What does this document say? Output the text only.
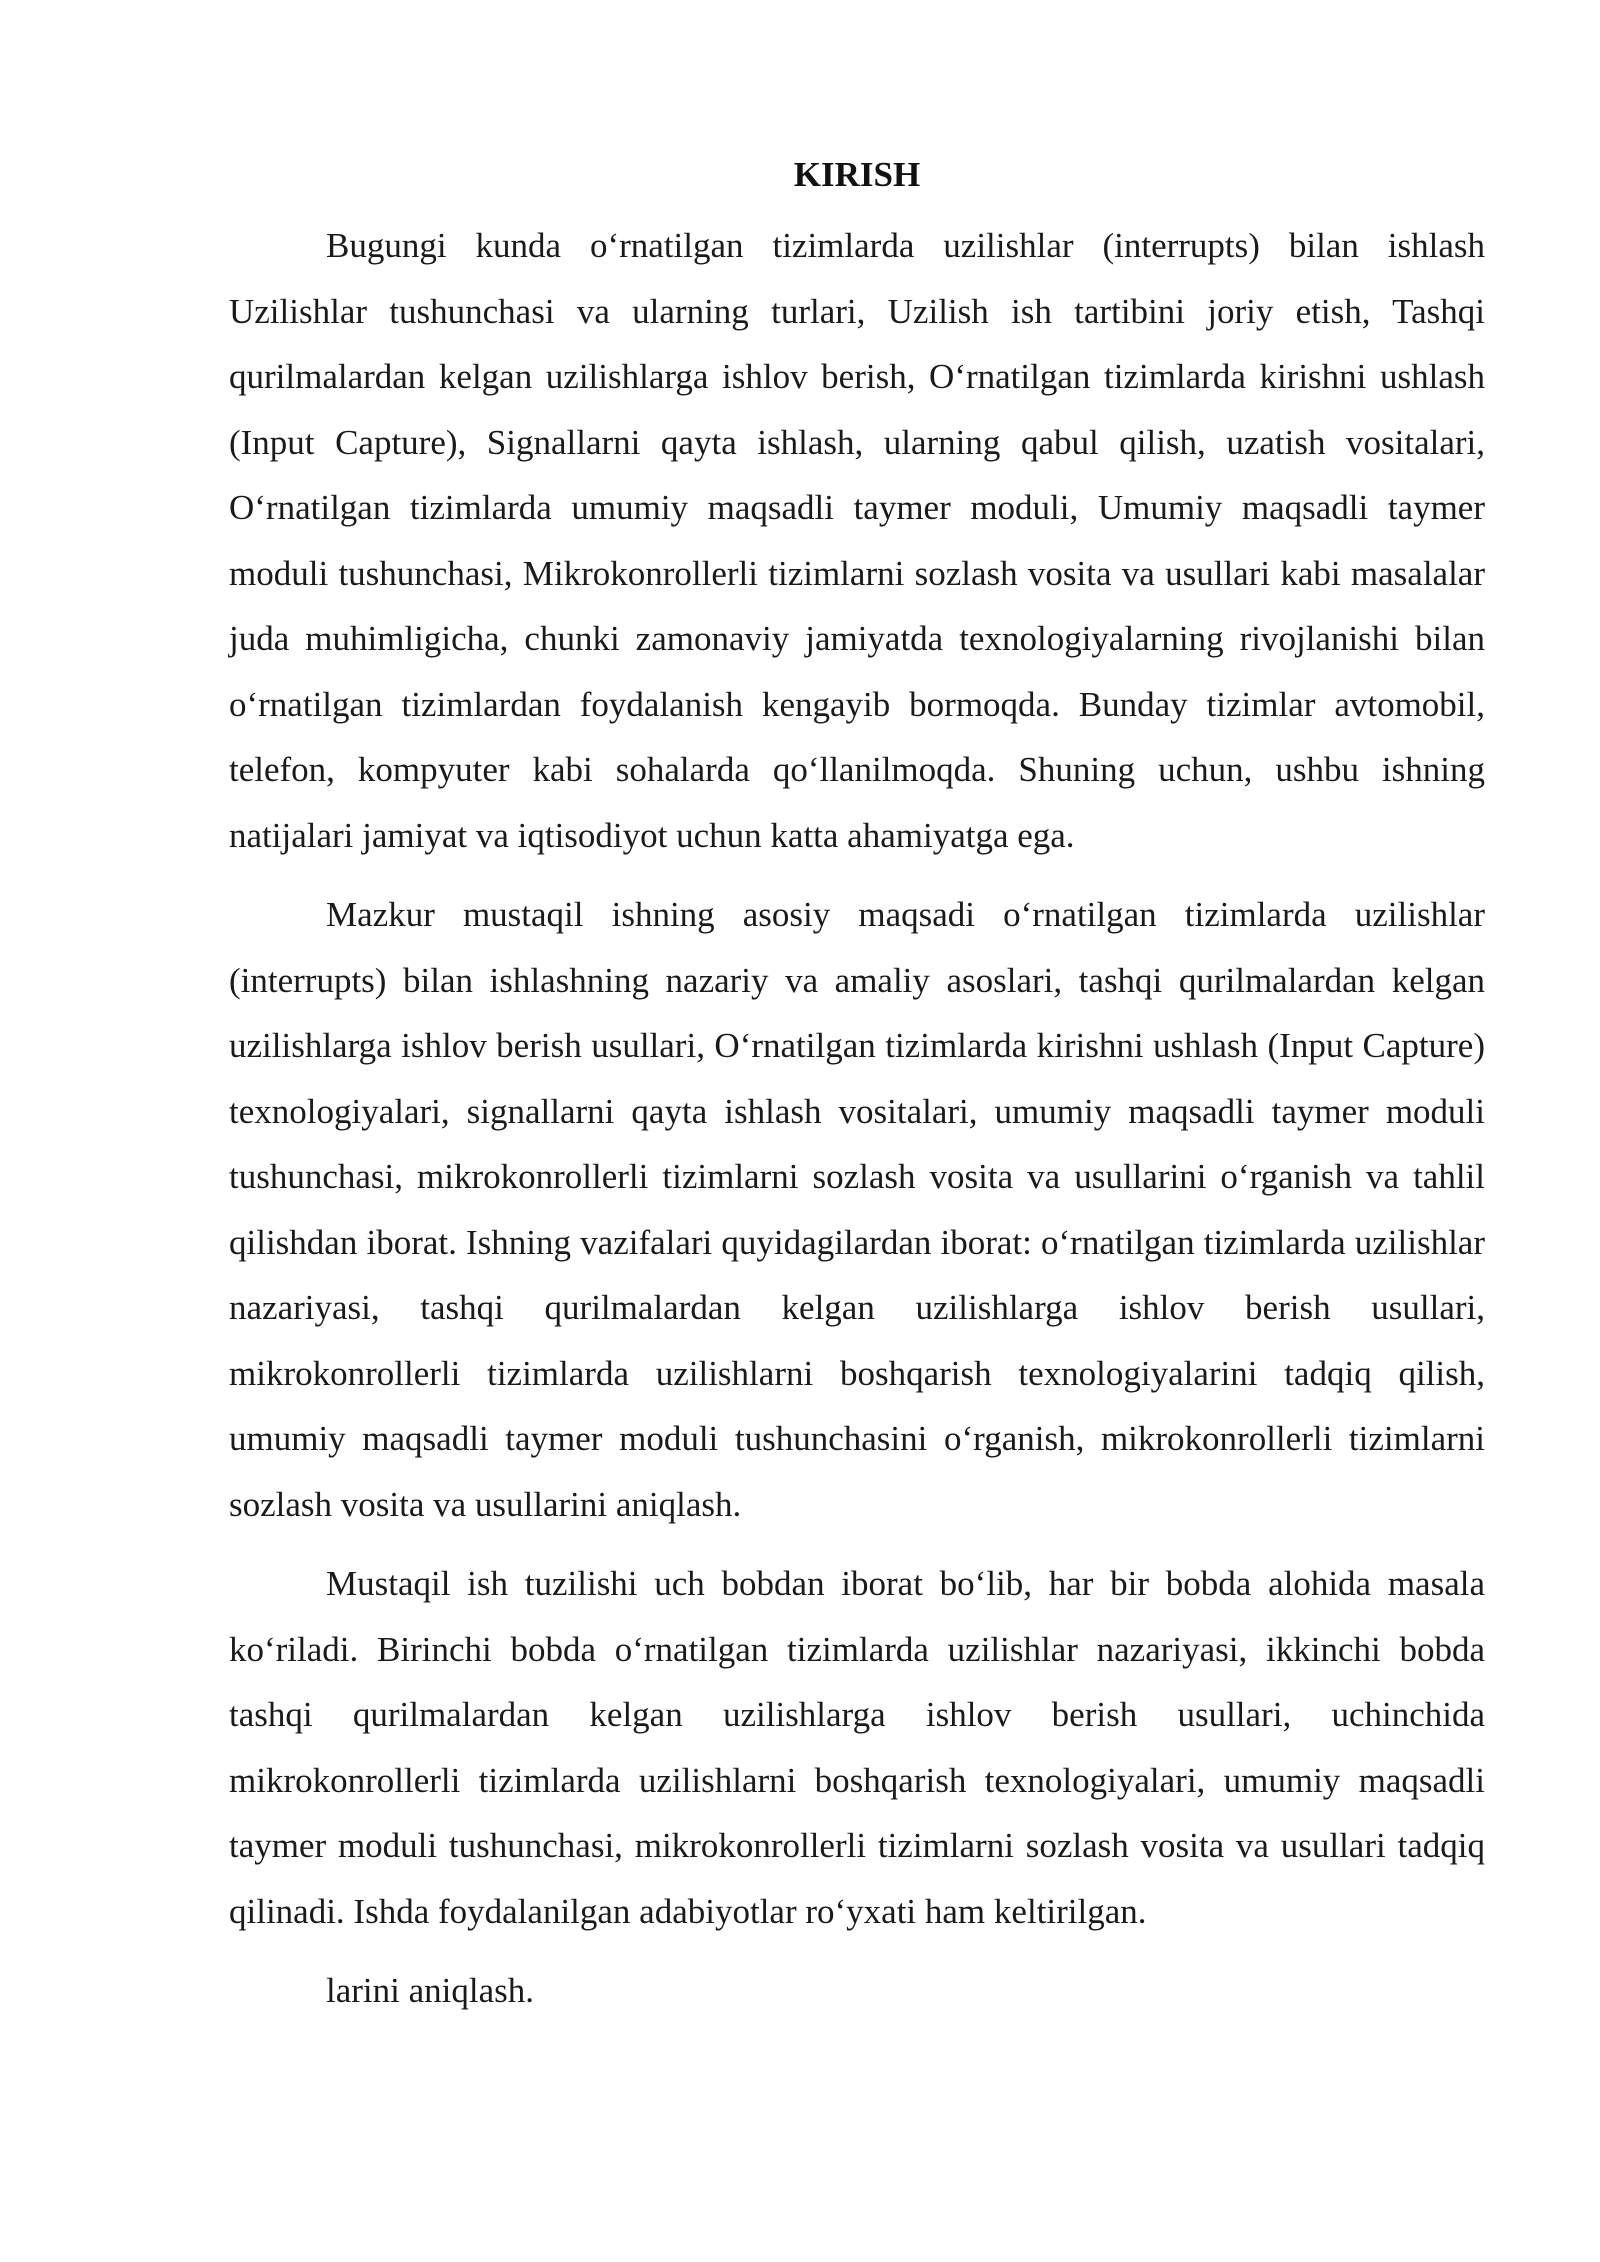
KIRISH

Bugungi kunda o‘rnatilgan tizimlarda uzilishlar (interrupts) bilan ishlash Uzilishlar tushunchasi va ularning turlari, Uzilish ish tartibini joriy etish, Tashqi qurilmalardan kelgan uzilishlarga ishlov berish, O‘rnatilgan tizimlarda kirishni ushlash (Input Capture), Signallarni qayta ishlash, ularning qabul qilish, uzatish vositalari, O‘rnatilgan tizimlarda umumiy maqsadli taymer moduli, Umumiy maqsadli taymer moduli tushunchasi, Mikrokonrollerli tizimlarni sozlash vosita va usullari kabi masalalar juda muhimligicha, chunki zamonaviy jamiyatda texnologiyalarning rivojlanishi bilan o‘rnatilgan tizimlardan foydalanish kengayib bormoqda. Bunday tizimlar avtomobil, telefon, kompyuter kabi sohalarda qo‘llanilmoqda. Shuning uchun, ushbu ishning natijalari jamiyat va iqtisodiyot uchun katta ahamiyatga ega.

Mazkur mustaqil ishning asosiy maqsadi o‘rnatilgan tizimlarda uzilishlar (interrupts) bilan ishlashning nazariy va amaliy asoslari, tashqi qurilmalardan kelgan uzilishlarga ishlov berish usullari, O‘rnatilgan tizimlarda kirishni ushlash (Input Capture) texnologiyalari, signallarni qayta ishlash vositalari, umumiy maqsadli taymer moduli tushunchasi, mikrokonrollerli tizimlarni sozlash vosita va usullarini o‘rganish va tahlil qilishdan iborat. Ishning vazifalari quyidagilardan iborat: o‘rnatilgan tizimlarda uzilishlar nazariyasi, tashqi qurilmalardan kelgan uzilishlarga ishlov berish usullari, mikrokonrollerli tizimlarda uzilishlarni boshqarish texnologiyalarini tadqiq qilish, umumiy maqsadli taymer moduli tushunchasini o‘rganish, mikrokonrollerli tizimlarni sozlash vosita va usullarini aniqlash.

Mustaqil ish tuzilishi uch bobdan iborat bo‘lib, har bir bobda alohida masala ko‘riladi. Birinchi bobda o‘rnatilgan tizimlarda uzilishlar nazariyasi, ikkinchi bobda tashqi qurilmalardan kelgan uzilishlarga ishlov berish usullari, uchinchida mikrokonrollerli tizimlarda uzilishlarni boshqarish texnologiyalari, umumiy maqsadli taymer moduli tushunchasi, mikrokonrollerli tizimlarni sozlash vosita va usullari tadqiq qilinadi. Ishda foydalanilgan adabiyotlar ro‘yxati ham keltirilgan.

larini aniqlash.
